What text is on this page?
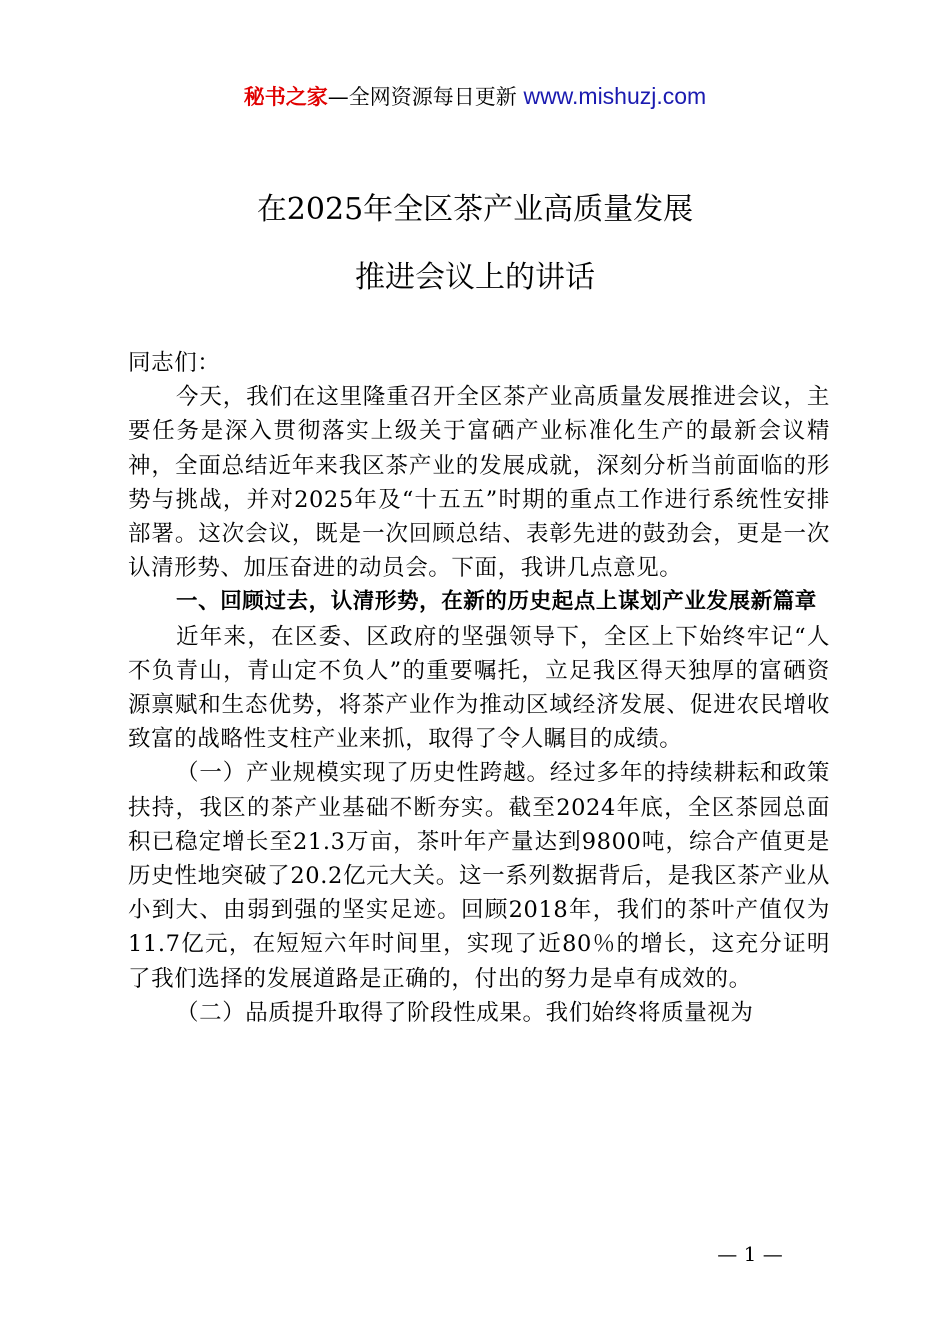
秘书之家—全网资源每日更新 www.mishuzj.com
在2025年全区茶产业高质量发展
推进会议上的讲话

同志们：

今天，我们在这里隆重召开全区茶产业高质量发展推进会议，主要任务是深入贯彻落实上级关于富硒产业标准化生产的最新会议精神，全面总结近年来我区茶产业的发展成就，深刻分析当前面临的形势与挑战，并对2025年及“十五五”时期的重点工作进行系统性安排部署。这次会议，既是一次回顾总结、表彰先进的鼓劲会，更是一次认清形势、加压奋进的动员会。下面，我讲几点意见。

一、回顾过去，认清形势，在新的历史起点上谋划产业发展新篇章

近年来，在区委、区政府的坚强领导下，全区上下始终牢记“人不负青山，青山定不负人”的重要嘱托，立足我区得天独厚的富硒资源禀赋和生态优势，将茶产业作为推动区域经济发展、促进农民增收致富的战略性支柱产业来抓，取得了令人瞩目的成绩。

（一）产业规模实现了历史性跨越。经过多年的持续耕耘和政策扶持，我区的茶产业基础不断夯实。截至2024年底，全区茶园总面积已稳定增长至21.3万亩，茶叶年产量达到9800吨，综合产值更是历史性地突破了20.2亿元大关。这一系列数据背后，是我区茶产业从小到大、由弱到强的坚实足迹。回顾2018年，我们的茶叶产值仅为11.7亿元，在短短六年时间里，实现了近80％的增长，这充分证明了我们选择的发展道路是正确的，付出的努力是卓有成效的。

（二）品质提升取得了阶段性成果。我们始终将质量视为

— 1 —
